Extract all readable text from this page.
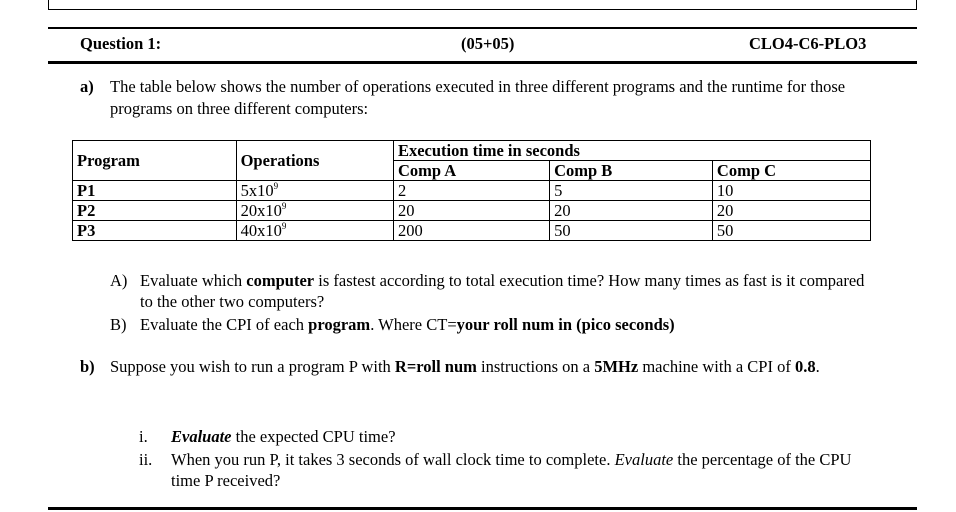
Question 1:	(05+05)	CLO4-C6-PLO3
a) The table below shows the number of operations executed in three different programs and the runtime for those programs on three different computers:
Program	Operations	Execution time in seconds		
		Comp A	Comp B	Comp C
P1	$5x10^9$	2	5	10
P2	$20x10^9$	20	20	20
P3	$40x10^9$	200	50	50
A) Evaluate which computer is fastest according to total execution time? How many times as fast is it compared to the other two computers?
B) Evaluate the CPI of each program. Where CT=your roll num in (pico seconds)
b) Suppose you wish to run a program P with R=roll num instructions on a 5MHz machine with a CPI of 0.8.
i. Evaluate the expected CPU time?
ii. When you run P, it takes 3 seconds of wall clock time to complete. Evaluate the percentage of the CPU time P received?
